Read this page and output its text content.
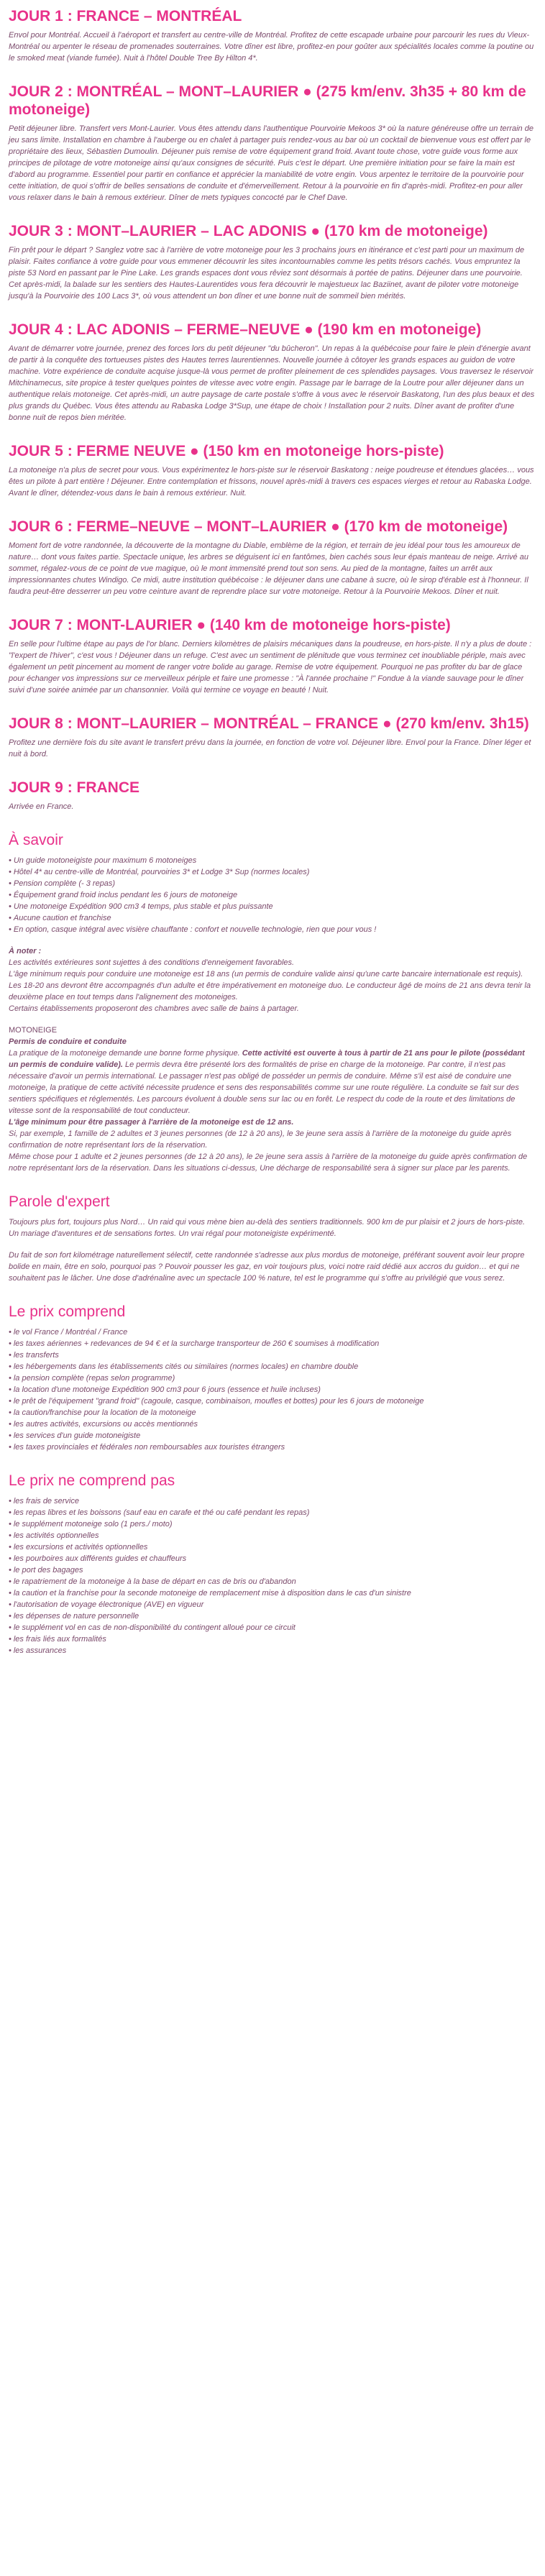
JOUR 1 : FRANCE – MONTRÉAL

Envol pour Montréal. Accueil à l'aéroport et transfert au centre-ville de Montréal. Profitez de cette escapade urbaine pour parcourir les rues du Vieux-Montréal ou arpenter le réseau de promenades souterraines. Votre dîner est libre, profitez-en pour goûter aux spécialités locales comme la poutine ou le smoked meat (viande fumée). Nuit à l'hôtel Double Tree By Hilton 4*.

JOUR 2 : MONTRÉAL – MONT–LAURIER ● (275 km/env. 3h35 + 80 km de motoneige)

Petit déjeuner libre. Transfert vers Mont-Laurier. Vous êtes attendu dans l'authentique Pourvoirie Mekoos 3* où la nature généreuse offre un terrain de jeu sans limite. Installation en chambre à l'auberge ou en chalet à partager puis rendez-vous au bar où un cocktail de bienvenue vous est offert par le propriétaire des lieux, Sébastien Dumoulin. Déjeuner puis remise de votre équipement grand froid. Avant toute chose, votre guide vous forme aux principes de pilotage de votre motoneige ainsi qu'aux consignes de sécurité. Puis c'est le départ. Une première initiation pour se faire la main est d'abord au programme. Essentiel pour partir en confiance et apprécier la maniabilité de votre engin. Vous arpentez le territoire de la pourvoirie pour cette initiation, de quoi s'offrir de belles sensations de conduite et d'émerveillement. Retour à la pourvoirie en fin d'après-midi. Profitez-en pour aller vous relaxer dans le bain à remous extérieur. Dîner de mets typiques concocté par le Chef Dave.

JOUR 3 : MONT–LAURIER – LAC ADONIS ● (170 km de motoneige)

Fin prêt pour le départ ? Sanglez votre sac à l'arrière de votre motoneige pour les 3 prochains jours en itinérance et c'est parti pour un maximum de plaisir. Faites confiance à votre guide pour vous emmener découvrir les sites incontournables comme les petits trésors cachés. Vous empruntez la piste 53 Nord en passant par le Pine Lake. Les grands espaces dont vous rêviez sont désormais à portée de patins. Déjeuner dans une pourvoirie. Cet après-midi, la balade sur les sentiers des Hautes-Laurentides vous fera découvrir le majestueux lac Baziinet, avant de piloter votre motoneige jusqu'à la Pourvoirie des 100 Lacs 3*, où vous attendent un bon dîner et une bonne nuit de sommeil bien mérités.

JOUR 4 : LAC ADONIS – FERME–NEUVE ● (190 km en motoneige)

Avant de démarrer votre journée, prenez des forces lors du petit déjeuner "du bûcheron". Un repas à la québécoise pour faire le plein d'énergie avant de partir à la conquête des tortueuses pistes des Hautes terres laurentiennes. Nouvelle journée à côtoyer les grands espaces au guidon de votre machine. Votre expérience de conduite acquise jusque-là vous permet de profiter pleinement de ces splendides paysages. Vous traversez le réservoir Mitchinamecus, site propice à tester quelques pointes de vitesse avec votre engin. Passage par le barrage de la Loutre pour aller déjeuner dans un authentique relais motoneige. Cet après-midi, un autre paysage de carte postale s'offre à vous avec le réservoir Baskatong, l'un des plus beaux et des plus grands du Québec. Vous êtes attendu au Rabaska Lodge 3*Sup, une étape de choix ! Installation pour 2 nuits. Dîner avant de profiter d'une bonne nuit de repos bien méritée.

JOUR 5 : FERME NEUVE ● (150 km en motoneige hors-piste)

La motoneige n'a plus de secret pour vous. Vous expérimentez le hors-piste sur le réservoir Baskatong : neige poudreuse et étendues glacées… vous êtes un pilote à part entière ! Déjeuner. Entre contemplation et frissons, nouvel après-midi à travers ces espaces vierges et retour au Rabaska Lodge. Avant le dîner, détendez-vous dans le bain à remous extérieur. Nuit.

JOUR 6 : FERME–NEUVE – MONT–LAURIER ● (170 km de motoneige)

Moment fort de votre randonnée, la découverte de la montagne du Diable, emblème de la région, et terrain de jeu idéal pour tous les amoureux de nature… dont vous faites partie. Spectacle unique, les arbres se déguisent ici en fantômes, bien cachés sous leur épais manteau de neige. Arrivé au sommet, régalez-vous de ce point de vue magique, où le mont immensité prend tout son sens. Au pied de la montagne, faites un arrêt aux impressionnantes chutes Windigo. Ce midi, autre institution québécoise : le déjeuner dans une cabane à sucre, où le sirop d'érable est à l'honneur. Il faudra peut-être desserrer un peu votre ceinture avant de reprendre place sur votre motoneige. Retour à la Pourvoirie Mekoos. Dîner et nuit.

JOUR 7 : MONT-LAURIER ● (140 km de motoneige hors-piste)

En selle pour l'ultime étape au pays de l'or blanc. Derniers kilomètres de plaisirs mécaniques dans la poudreuse, en hors-piste. Il n'y a plus de doute : "l'expert de l'hiver", c'est vous ! Déjeuner dans un refuge. C'est avec un sentiment de plénitude que vous terminez cet inoubliable périple, mais avec également un petit pincement au moment de ranger votre bolide au garage. Remise de votre équipement. Pourquoi ne pas profiter du bar de glace pour échanger vos impressions sur ce merveilleux périple et faire une promesse : "À l'année prochaine !" Fondue à la viande sauvage pour le dîner suivi d'une soirée animée par un chansonnier. Voilà qui termine ce voyage en beauté ! Nuit.

JOUR 8 : MONT–LAURIER – MONTRÉAL – FRANCE ● (270 km/env. 3h15)

Profitez une dernière fois du site avant le transfert prévu dans la journée, en fonction de votre vol. Déjeuner libre. Envol pour la France. Dîner léger et nuit à bord.

JOUR 9 : FRANCE

Arrivée en France.

À savoir
• Un guide motoneigiste pour maximum 6 motoneiges
• Hôtel 4* au centre-ville de Montréal, pourvoiries 3* et Lodge 3* Sup (normes locales)
• Pension complète (- 3 repas)
• Équipement grand froid inclus pendant les 6 jours de motoneige
• Une motoneige Expédition 900 cm3 4 temps, plus stable et plus puissante
• Aucune caution et franchise
• En option, casque intégral avec visière chauffante : confort et nouvelle technologie, rien que pour vous !

À noter :

Les activités extérieures sont sujettes à des conditions d'enneigement favorables.

L'âge minimum requis pour conduire une motoneige est 18 ans (un permis de conduire valide ainsi qu'une carte bancaire internationale est requis).

Les 18-20 ans devront être accompagnés d'un adulte et être impérativement en motoneige duo. Le conducteur âgé de moins de 21 ans devra tenir la deuxième place en tout temps dans l'alignement des motoneiges.

Certains établissements proposeront des chambres avec salle de bains à partager.

MOTONEIGE

Permis de conduire et conduite

La pratique de la motoneige demande une bonne forme physique. Cette activité est ouverte à tous à partir de 21 ans pour le pilote (possédant un permis de conduire valide). Le permis devra être présenté lors des formalités de prise en charge de la motoneige. Par contre, il n'est pas nécessaire d'avoir un permis international. Le passager n'est pas obligé de posséder un permis de conduire. Même s'il est aisé de conduire une motoneige, la pratique de cette activité nécessite prudence et sens des responsabilités comme sur une route régulière. La conduite se fait sur des sentiers spécifiques et réglementés. Les parcours évoluent à double sens sur lac ou en forêt. Le respect du code de la route et des limitations de vitesse sont de la responsabilité de tout conducteur.

L'âge minimum pour être passager à l'arrière de la motoneige est de 12 ans.

Si, par exemple, 1 famille de 2 adultes et 3 jeunes personnes (de 12 à 20 ans), le 3e jeune sera assis à l'arrière de la motoneige du guide après confirmation de notre représentant lors de la réservation.

Même chose pour 1 adulte et 2 jeunes personnes (de 12 à 20 ans), le 2e jeune sera assis à l'arrière de la motoneige du guide après confirmation de notre représentant lors de la réservation. Dans les situations ci-dessus, Une décharge de responsabilité sera à signer sur place par les parents.

Parole d'expert

Toujours plus fort, toujours plus Nord… Un raid qui vous mène bien au-delà des sentiers traditionnels. 900 km de pur plaisir et 2 jours de hors-piste. Un mariage d'aventures et de sensations fortes. Un vrai régal pour motoneigiste expérimenté.

Du fait de son fort kilométrage naturellement sélectif, cette randonnée s'adresse aux plus mordus de motoneige, préférant souvent avoir leur propre bolide en main, être en solo, pourquoi pas ? Pouvoir pousser les gaz, en voir toujours plus, voici notre raid dédié aux accros du guidon… et qui ne souhaitent pas le lâcher. Une dose d'adrénaline avec un spectacle 100 % nature, tel est le programme qui s'offre au privilégié que vous serez.

Le prix comprend
• le vol France / Montréal / France
• les taxes aériennes + redevances de 94 € et la surcharge transporteur de 260 € soumises à modification
• les transferts
• les hébergements dans les établissements cités ou similaires (normes locales) en chambre double
• la pension complète (repas selon programme)
• la location d'une motoneige Expédition 900 cm3 pour 6 jours (essence et huile incluses)
• le prêt de l'équipement "grand froid" (cagoule, casque, combinaison, moufles et bottes) pour les 6 jours de motoneige
• la caution/franchise pour la location de la motoneige
• les autres activités, excursions ou accès mentionnés
• les services d'un guide motoneigiste
• les taxes provinciales et fédérales non remboursables aux touristes étrangers
Le prix ne comprend pas
• les frais de service
• les repas libres et les boissons (sauf eau en carafe et thé ou café pendant les repas)
• le supplément motoneige solo (1 pers./ moto)
• les activités optionnelles
• les excursions et activités optionnelles
• les pourboires aux différents guides et chauffeurs
• le port des bagages
• le rapatriement de la motoneige à la base de départ en cas de bris ou d'abandon
• la caution et la franchise pour la seconde motoneige de remplacement mise à disposition dans le cas d'un sinistre
• l'autorisation de voyage électronique (AVE) en vigueur
• les dépenses de nature personnelle
• le supplément vol en cas de non-disponibilité du contingent alloué pour ce circuit
• les frais liés aux formalités
• les assurances
